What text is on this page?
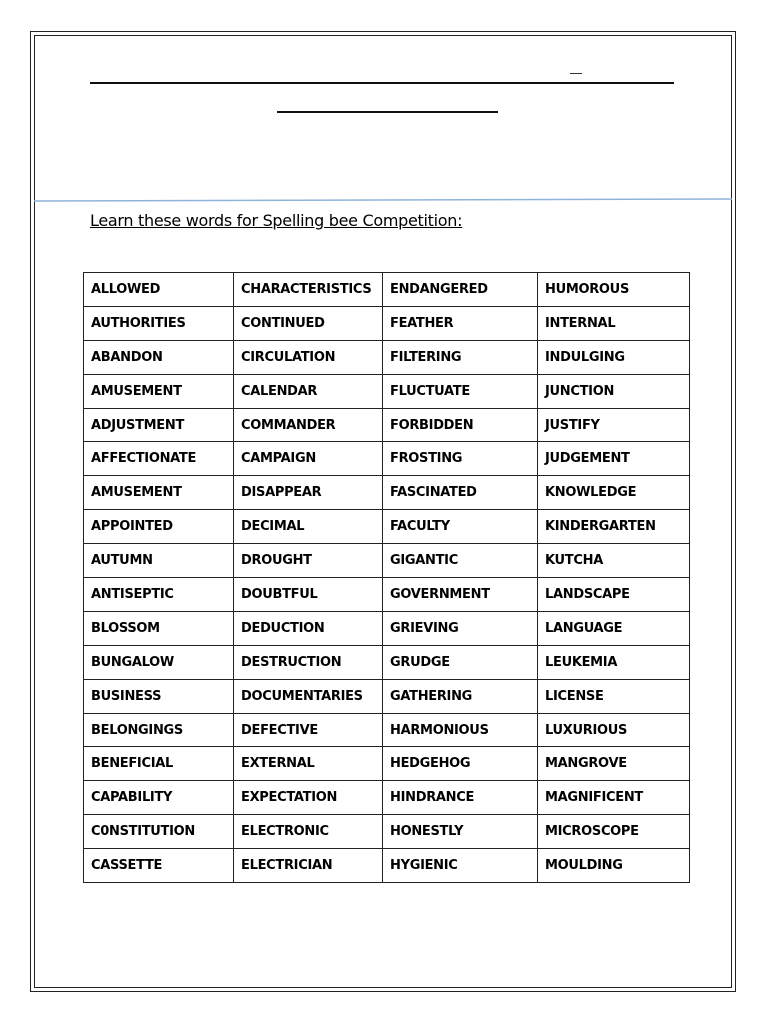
Learn these words for Spelling bee Competition:
ALLOWED	CHARACTERISTICS	ENDANGERED	HUMOROUS
AUTHORITIES	CONTINUED	FEATHER	INTERNAL
ABANDON	CIRCULATION	FILTERING	INDULGING
AMUSEMENT	CALENDAR	FLUCTUATE	JUNCTION
ADJUSTMENT	COMMANDER	FORBIDDEN	JUSTIFY
AFFECTIONATE	CAMPAIGN	FROSTING	JUDGEMENT
AMUSEMENT	DISAPPEAR	FASCINATED	KNOWLEDGE
APPOINTED	DECIMAL	FACULTY	KINDERGARTEN
AUTUMN	DROUGHT	GIGANTIC	KUTCHA
ANTISEPTIC	DOUBTFUL	GOVERNMENT	LANDSCAPE
BLOSSOM	DEDUCTION	GRIEVING	LANGUAGE
BUNGALOW	DESTRUCTION	GRUDGE	LEUKEMIA
BUSINESS	DOCUMENTARIES	GATHERING	LICENSE
BELONGINGS	DEFECTIVE	HARMONIOUS	LUXURIOUS
BENEFICIAL	EXTERNAL	HEDGEHOG	MANGROVE
CAPABILITY	EXPECTATION	HINDRANCE	MAGNIFICENT
C0NSTITUTION	ELECTRONIC	HONESTLY	MICROSCOPE
CASSETTE	ELECTRICIAN	HYGIENIC	MOULDING
